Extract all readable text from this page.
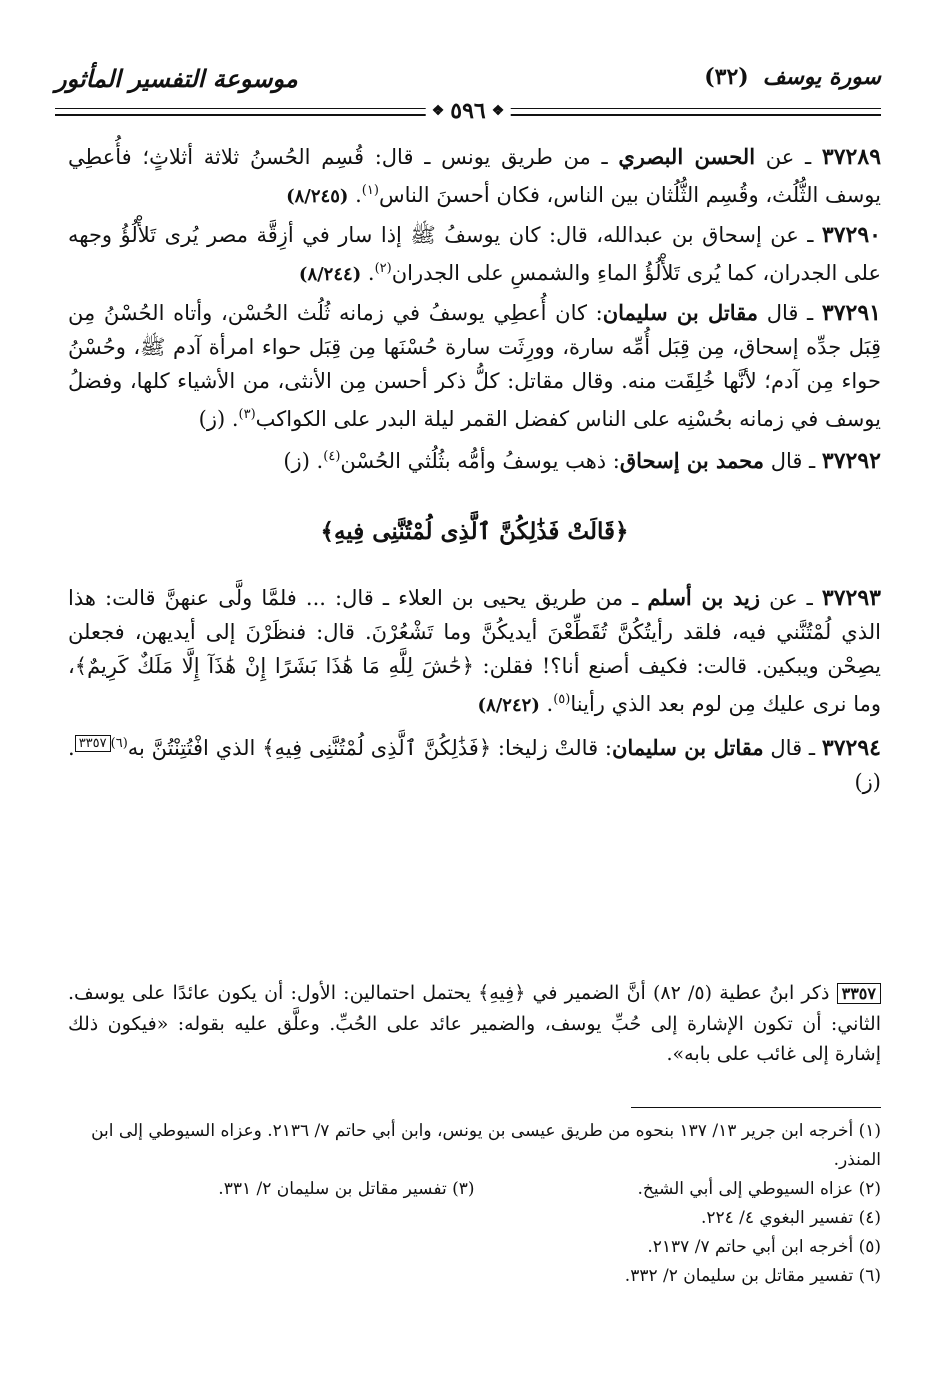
سورة يوسف
(٣٢)
موسوعة التفسير المأثور
❖
٥٩٦
❖

٣٧٢٨٩ ـ عن الحسن البصري ـ من طريق يونس ـ قال: قُسِم الحُسنُ ثلاثة أثلاثٍ؛ فأُعطِي يوسف الثُّلُث، وقُسِم الثُّلُثان بين الناس، فكان أحسنَ الناس$^{(١)}$. (٨/٢٤٥)

٣٧٢٩٠ ـ عن إسحاق بن عبدالله، قال: كان يوسفُ ﷺ إذا سار في أزِقَّة مصر يُرى تَلأْلُؤُ وجهه على الجدران، كما يُرى تَلأْلُؤُ الماءِ والشمسِ على الجدران$^{(٢)}$. (٨/٢٤٤)

٣٧٢٩١ ـ قال مقاتل بن سليمان: كان أُعطِي يوسفُ في زمانه ثُلُث الحُسْن، وأتاه الحُسْنُ مِن قِبَل جدِّه إسحاق، مِن قِبَل أُمِّه سارة، وورِثَت سارة حُسْنَها مِن قِبَل حواء امرأة آدم ﷺ، وحُسْنُ حواء مِن آدم؛ لأنَّها خُلِقَت منه. وقال مقاتل: كلُّ ذكر أحسن مِن الأنثى، من الأشياء كلها، وفضلُ يوسف في زمانه بحُسْنِه على الناس كفضل القمر ليلة البدر على الكواكب$^{(٣)}$. (ز)

٣٧٢٩٢ ـ قال محمد بن إسحاق: ذهب يوسفُ وأمُّه بثُلُثي الحُسْن$^{(٤)}$. (ز)

﴿قَالَتْ فَذَٰلِكُنَّ ٱلَّذِى لُمْتُنَّنِى فِيهِ﴾

٣٧٢٩٣ ـ عن زيد بن أسلم ـ من طريق يحيى بن العلاء ـ قال: ... فلمَّا ولَّى عنهنَّ قالت: هذا الذي لُمْتُنَّني فيه، فلقد رأيتُكُنَّ تُقَطِّعْنَ أيديكُنَّ وما تَشْعُرْنَ. قال: فنظَرْنَ إلى أيديهن، فجعلن يصِحْن ويبكين. قالت: فكيف أصنع أنا؟! فقلن: ﴿حَٰشَ لِلَّهِ مَا هَٰذَا بَشَرًا إِنْ هَٰذَآ إِلَّا مَلَكٌ كَرِيمٌ﴾، وما نرى عليك مِن لوم بعد الذي رأينا$^{(٥)}$. (٨/٢٤٢)

٣٧٢٩٤ ـ قال مقاتل بن سليمان: قالتْ زليخا: ﴿فَذَٰلِكُنَّ ٱلَّذِى لُمْتُنَّنِى فِيهِ﴾ الذي افْتُتِنْتُنَّ به$^{(٦)٣٣٥٧}$. (ز)

٣٣٥٧ ذكر ابنُ عطية (٥/ ٨٢) أنَّ الضمير في ﴿فِيهِ﴾ يحتمل احتمالين: الأول: أن يكون عائدًا على يوسف. الثاني: أن تكون الإشارة إلى حُبِّ يوسف، والضمير عائد على الحُبِّ. وعلَّق عليه بقوله: «فيكون ذلك إشارة إلى غائب على بابه».
(١) أخرجه ابن جرير ١٣/ ١٣٧ بنحوه من طريق عيسى بن يونس، وابن أبي حاتم ٧/ ٢١٣٦. وعزاه السيوطي إلى ابن المنذر.
(٢) عزاه السيوطي إلى أبي الشيخ.
(٣) تفسير مقاتل بن سليمان ٢/ ٣٣١.
(٤) تفسير البغوي ٤/ ٢٢٤.
(٥) أخرجه ابن أبي حاتم ٧/ ٢١٣٧.
(٦) تفسير مقاتل بن سليمان ٢/ ٣٣٢.
